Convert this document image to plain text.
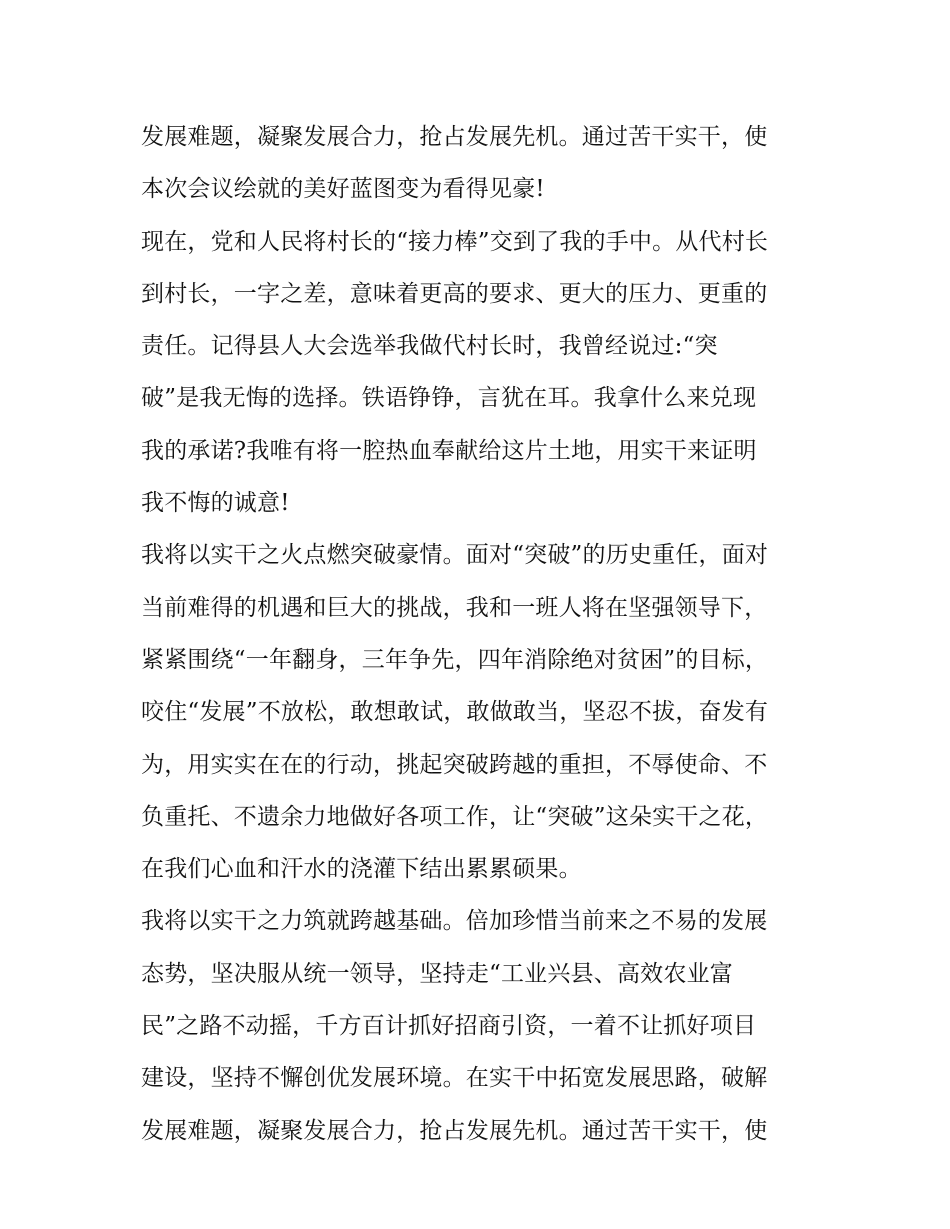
发展难题，凝聚发展合力，抢占发展先机。通过苦干实干，使
本次会议绘就的美好蓝图变为看得见豪!
现在，党和人民将村长的“接力棒”交到了我的手中。从代村长
到村长，一字之差，意味着更高的要求、更大的压力、更重的
责任。记得县人大会选举我做代村长时，我曾经说过:“突
破”是我无悔的选择。铁语铮铮，言犹在耳。我拿什么来兑现
我的承诺?我唯有将一腔热血奉献给这片土地，用实干来证明
我不悔的诚意!
我将以实干之火点燃突破豪情。面对“突破”的历史重任，面对
当前难得的机遇和巨大的挑战，我和一班人将在坚强领导下，
紧紧围绕“一年翻身，三年争先，四年消除绝对贫困”的目标，
咬住“发展”不放松，敢想敢试，敢做敢当，坚忍不拔，奋发有
为，用实实在在的行动，挑起突破跨越的重担，不辱使命、不
负重托、不遗余力地做好各项工作，让“突破”这朵实干之花，
在我们心血和汗水的浇灌下结出累累硕果。
我将以实干之力筑就跨越基础。倍加珍惜当前来之不易的发展
态势，坚决服从统一领导，坚持走“工业兴县、高效农业富
民”之路不动摇，千方百计抓好招商引资，一着不让抓好项目
建设，坚持不懈创优发展环境。在实干中拓宽发展思路，破解
发展难题，凝聚发展合力，抢占发展先机。通过苦干实干，使
